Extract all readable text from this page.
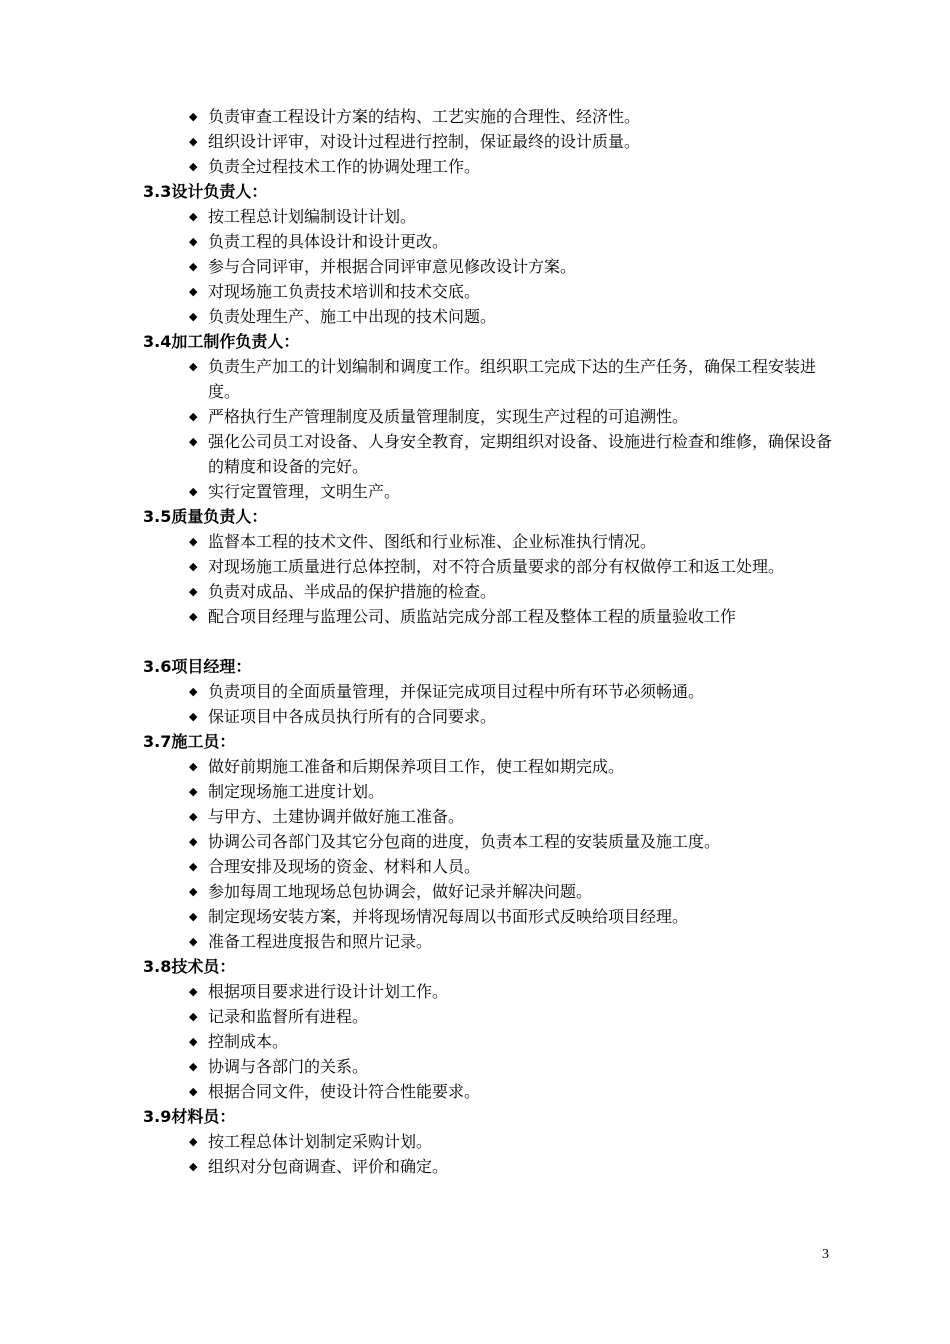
◆ 负责审查工程设计方案的结构、工艺实施的合理性、经济性。
◆ 组织设计评审，对设计过程进行控制，保证最终的设计质量。
◆ 负责全过程技术工作的协调处理工作。
3.3设计负责人：
◆ 按工程总计划编制设计计划。
◆ 负责工程的具体设计和设计更改。
◆ 参与合同评审，并根据合同评审意见修改设计方案。
◆ 对现场施工负责技术培训和技术交底。
◆ 负责处理生产、施工中出现的技术问题。
3.4加工制作负责人：
◆ 负责生产加工的计划编制和调度工作。组织职工完成下达的生产任务，确保工程安装进度。
◆ 严格执行生产管理制度及质量管理制度，实现生产过程的可追溯性。
◆ 强化公司员工对设备、人身安全教育，定期组织对设备、设施进行检查和维修，确保设备的精度和设备的完好。
◆ 实行定置管理，文明生产。
3.5质量负责人：
◆ 监督本工程的技术文件、图纸和行业标准、企业标准执行情况。
◆ 对现场施工质量进行总体控制，对不符合质量要求的部分有权做停工和返工处理。
◆ 负责对成品、半成品的保护措施的检查。
◆ 配合项目经理与监理公司、质监站完成分部工程及整体工程的质量验收工作
3.6项目经理：
◆ 负责项目的全面质量管理，并保证完成项目过程中所有环节必须畅通。
◆ 保证项目中各成员执行所有的合同要求。
3.7施工员：
◆ 做好前期施工准备和后期保养项目工作，使工程如期完成。
◆ 制定现场施工进度计划。
◆ 与甲方、土建协调并做好施工准备。
◆ 协调公司各部门及其它分包商的进度，负责本工程的安装质量及施工度。
◆ 合理安排及现场的资金、材料和人员。
◆ 参加每周工地现场总包协调会，做好记录并解决问题。
◆ 制定现场安装方案，并将现场情况每周以书面形式反映给项目经理。
◆ 准备工程进度报告和照片记录。
3.8技术员：
◆ 根据项目要求进行设计计划工作。
◆ 记录和监督所有进程。
◆ 控制成本。
◆ 协调与各部门的关系。
◆ 根据合同文件，使设计符合性能要求。
3.9材料员：
◆ 按工程总体计划制定采购计划。
◆ 组织对分包商调查、评价和确定。
3
